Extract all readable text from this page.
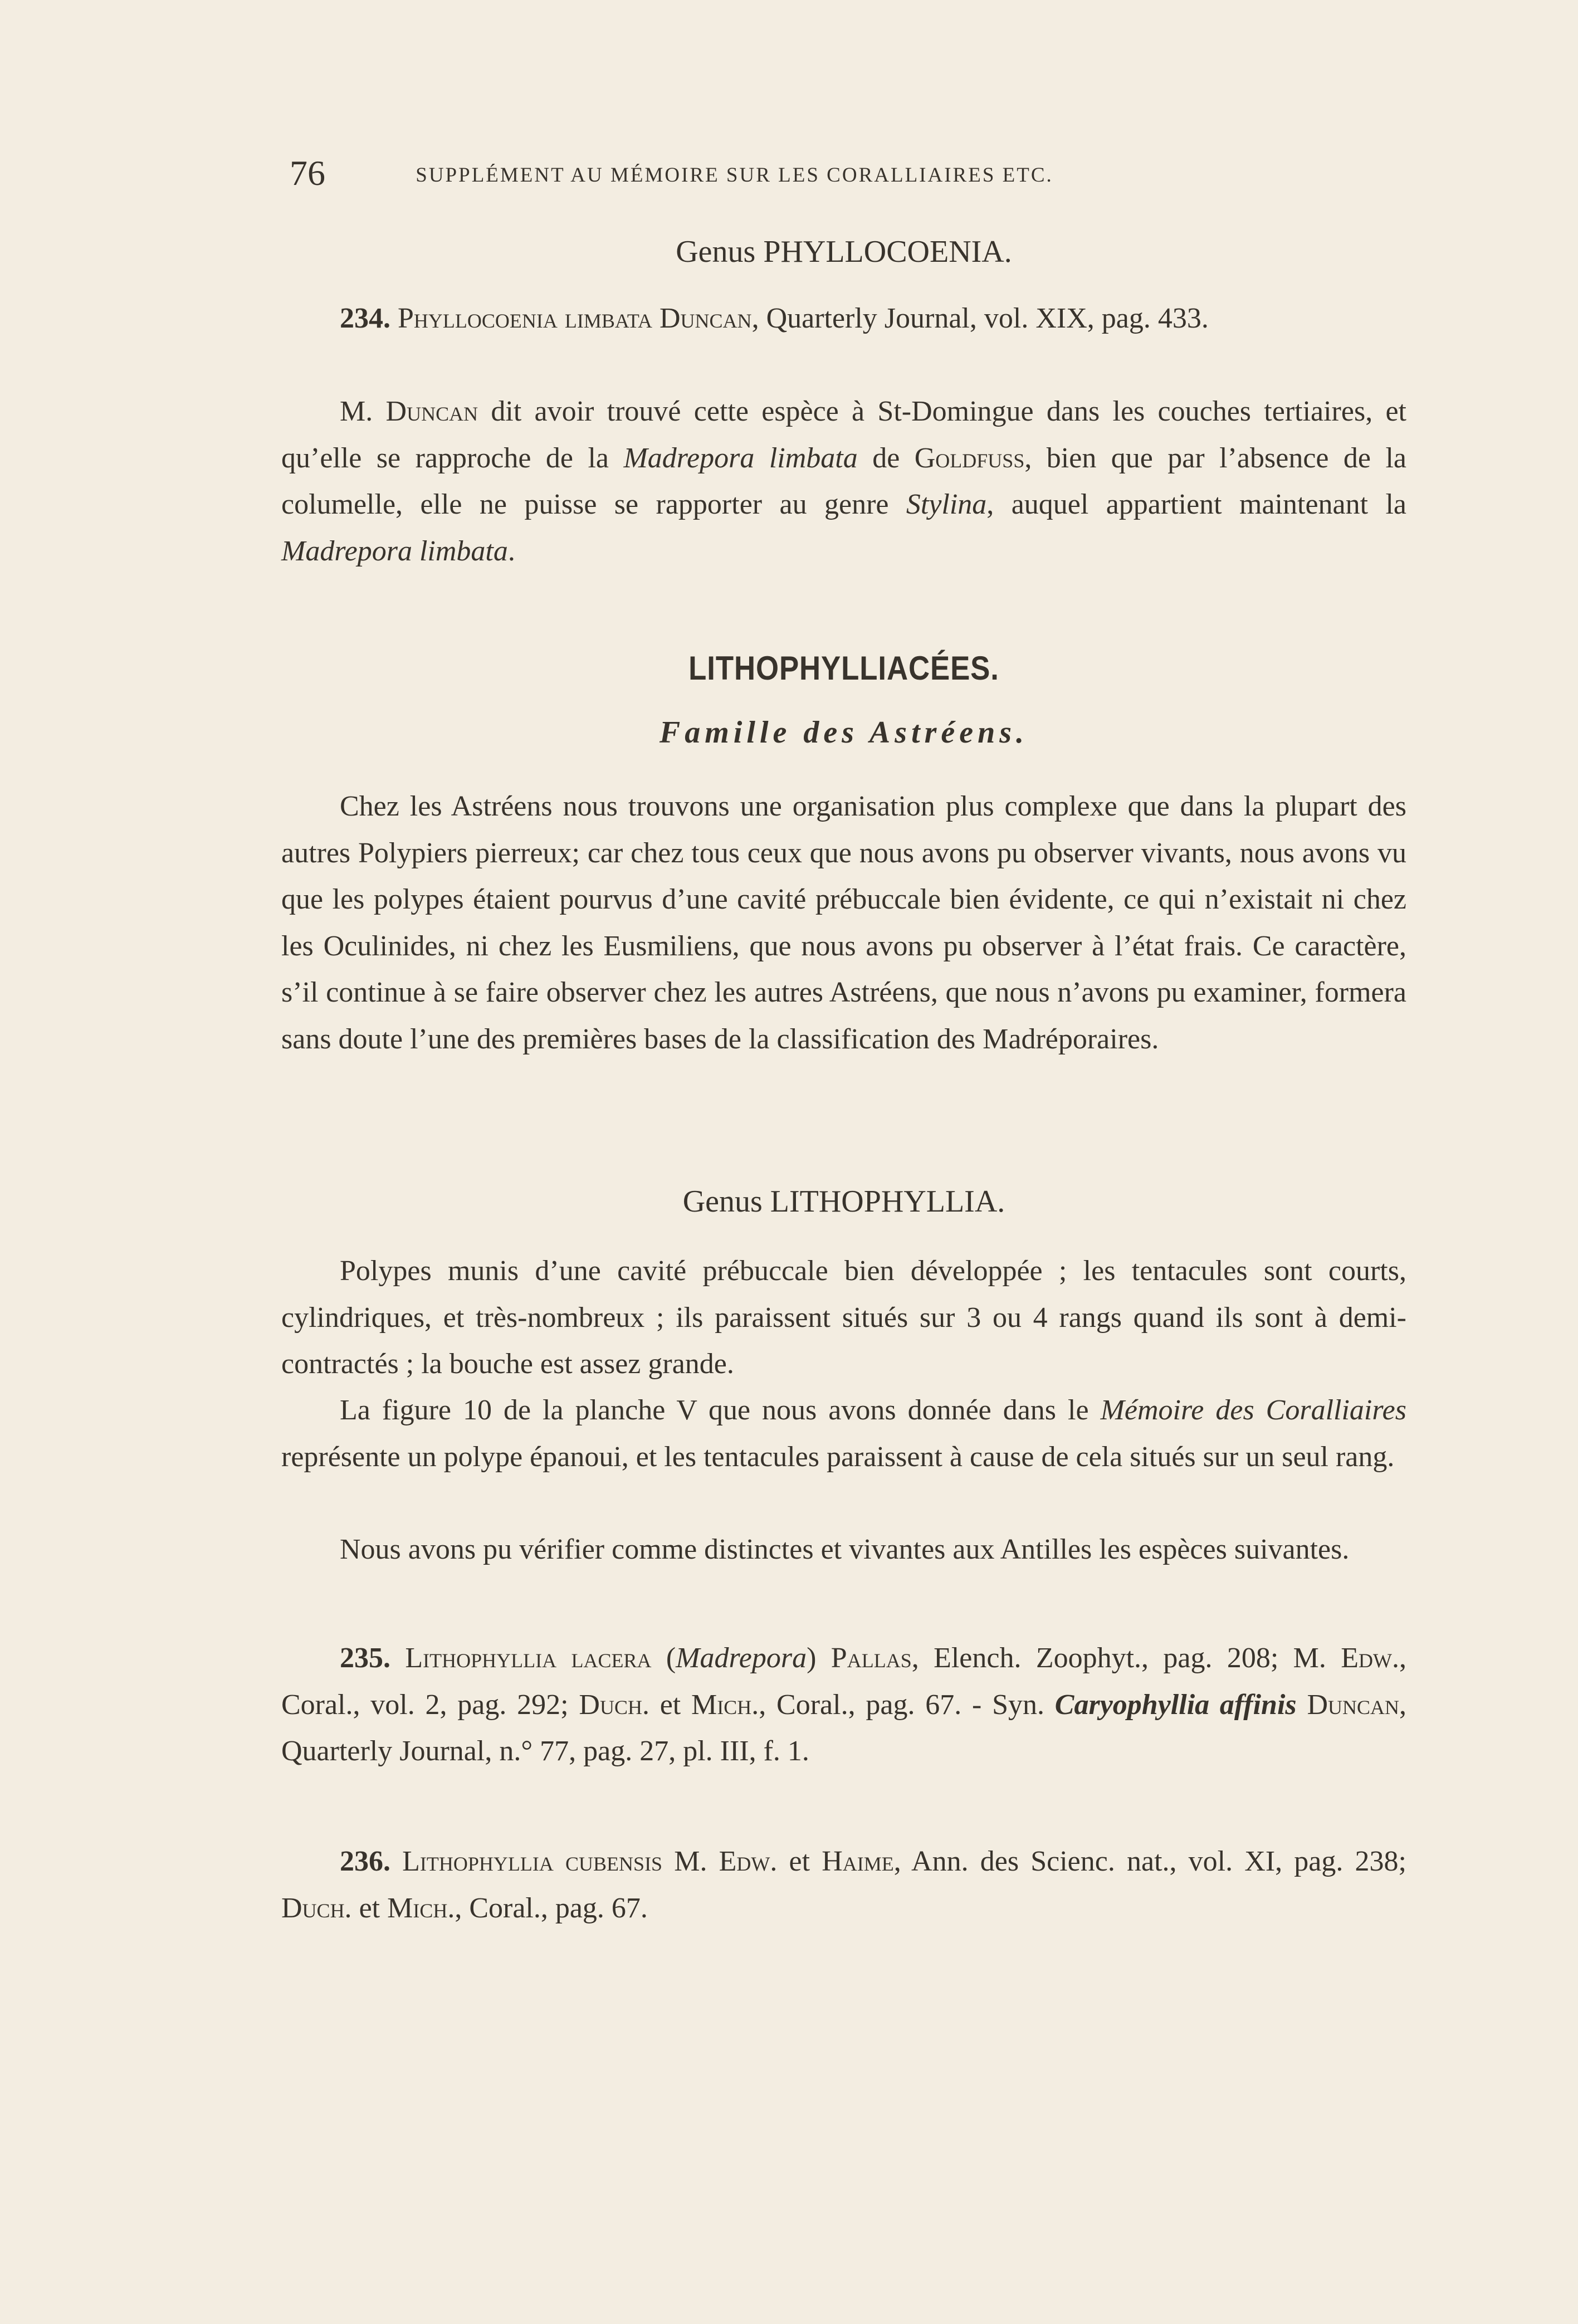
76	SUPPLÉMENT AU MÉMOIRE SUR LES CORALLIAIRES ETC.
Genus PHYLLOCOENIA.

234. Phyllocoenia limbata Duncan, Quarterly Journal, vol. XIX, pag. 433.

M. Duncan dit avoir trouvé cette espèce à St-Domingue dans les couches tertiaires, et qu’elle se rapproche de la Madrepora limbata de Goldfuss, bien que par l’absence de la columelle, elle ne puisse se rapporter au genre Stylina, auquel appartient maintenant la Madrepora limbata.

LITHOPHYLLIACÉES.
Famille des Astréens.

Chez les Astréens nous trouvons une organisation plus complexe que dans la plupart des autres Polypiers pierreux; car chez tous ceux que nous avons pu observer vivants, nous avons vu que les polypes étaient pourvus d’une cavité prébuccale bien évidente, ce qui n’existait ni chez les Oculinides, ni chez les Eusmiliens, que nous avons pu observer à l’état frais. Ce caractère, s’il continue à se faire observer chez les autres Astréens, que nous n’avons pu examiner, formera sans doute l’une des premières bases de la classification des Madréporaires.

Genus LITHOPHYLLIA.

Polypes munis d’une cavité prébuccale bien développée ; les tentacules sont courts, cylindriques, et très-nombreux ; ils paraissent situés sur 3 ou 4 rangs quand ils sont à demi-contractés ; la bouche est assez grande.

La figure 10 de la planche V que nous avons donnée dans le Mémoire des Coralliaires représente un polype épanoui, et les tentacules paraissent à cause de cela situés sur un seul rang.

Nous avons pu vérifier comme distinctes et vivantes aux Antilles les espèces suivantes.

235. Lithophyllia lacera (Madrepora) Pallas, Elench. Zoophyt., pag. 208; M. Edw., Coral., vol. 2, pag. 292; Duch. et Mich., Coral., pag. 67. - Syn. Caryophyllia affinis Duncan, Quarterly Journal, n.° 77, pag. 27, pl. III, f. 1.

236. Lithophyllia cubensis M. Edw. et Haime, Ann. des Scienc. nat., vol. XI, pag. 238; Duch. et Mich., Coral., pag. 67.
